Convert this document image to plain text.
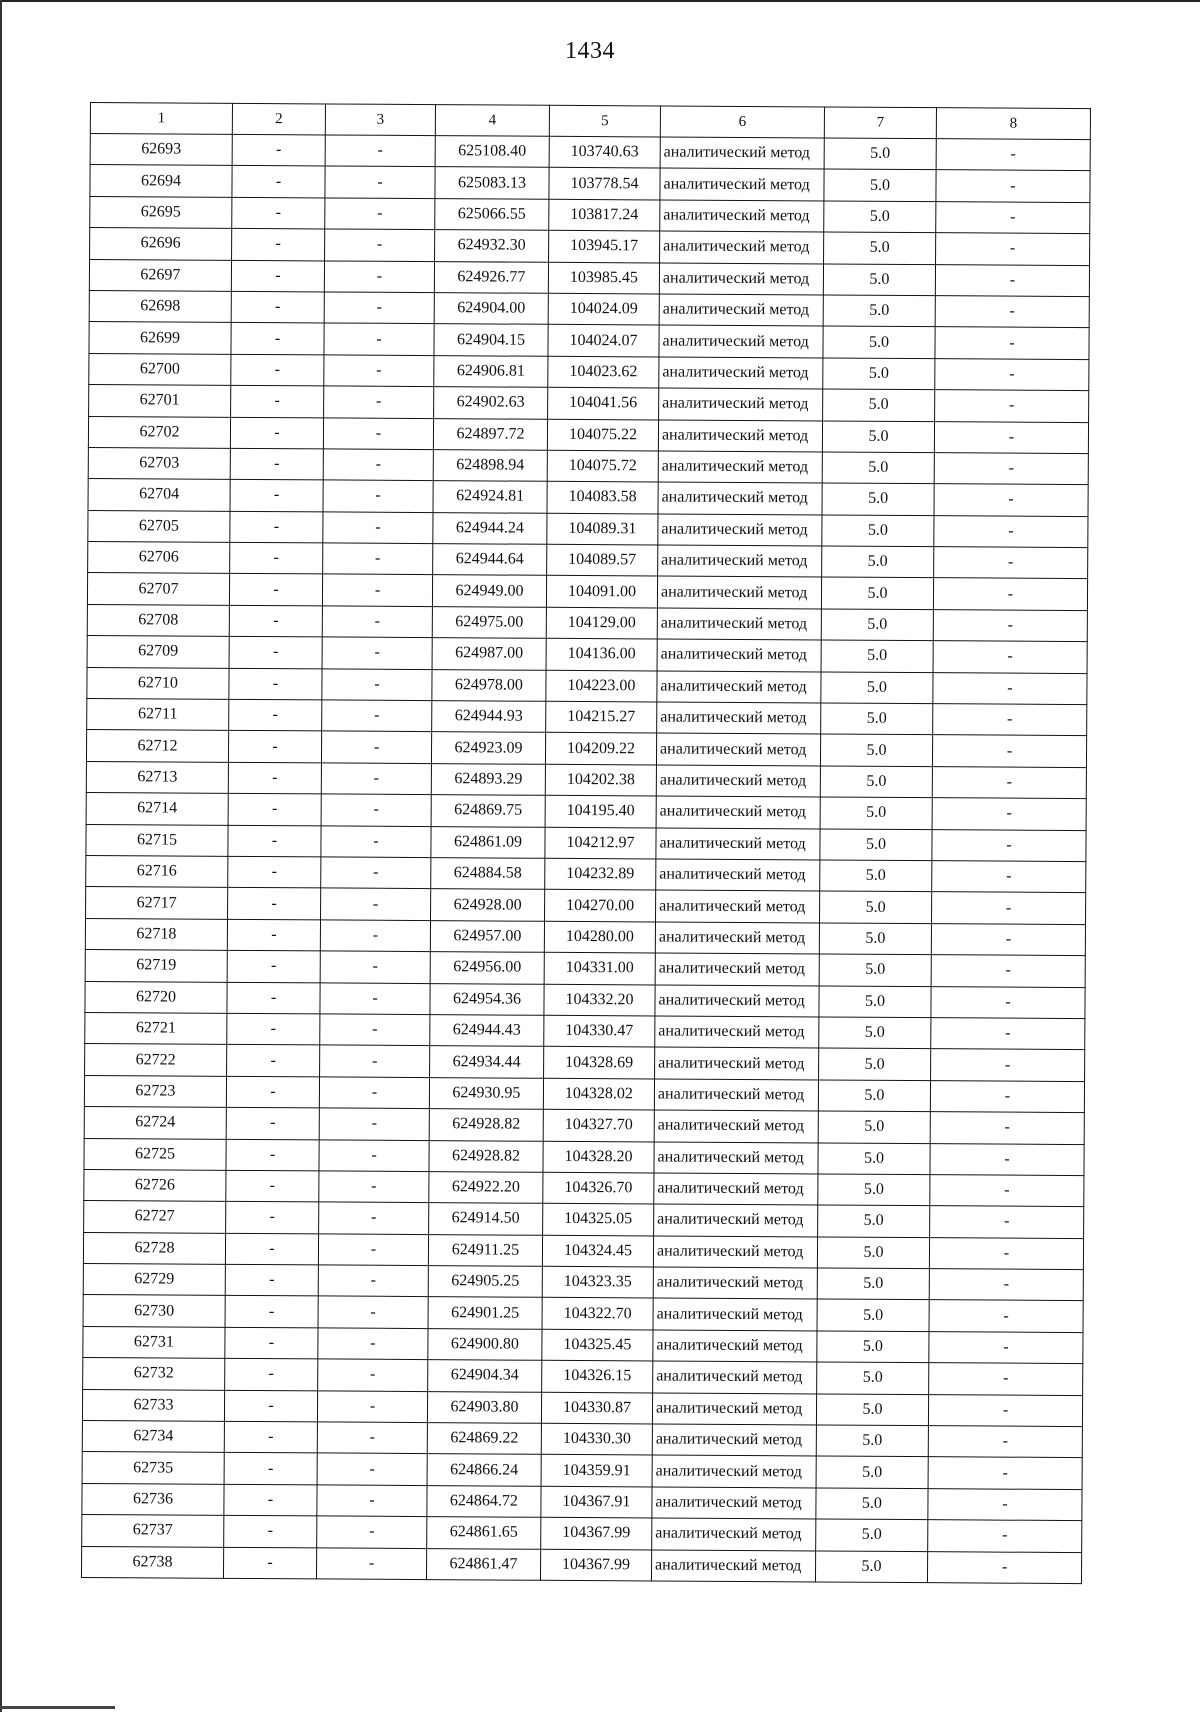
1434
1	2	3	4	5	6	7	8
62693	-	-	625108.40	103740.63	аналитический метод	5.0	-
62694	-	-	625083.13	103778.54	аналитический метод	5.0	-
62695	-	-	625066.55	103817.24	аналитический метод	5.0	-
62696	-	-	624932.30	103945.17	аналитический метод	5.0	-
62697	-	-	624926.77	103985.45	аналитический метод	5.0	-
62698	-	-	624904.00	104024.09	аналитический метод	5.0	-
62699	-	-	624904.15	104024.07	аналитический метод	5.0	-
62700	-	-	624906.81	104023.62	аналитический метод	5.0	-
62701	-	-	624902.63	104041.56	аналитический метод	5.0	-
62702	-	-	624897.72	104075.22	аналитический метод	5.0	-
62703	-	-	624898.94	104075.72	аналитический метод	5.0	-
62704	-	-	624924.81	104083.58	аналитический метод	5.0	-
62705	-	-	624944.24	104089.31	аналитический метод	5.0	-
62706	-	-	624944.64	104089.57	аналитический метод	5.0	-
62707	-	-	624949.00	104091.00	аналитический метод	5.0	-
62708	-	-	624975.00	104129.00	аналитический метод	5.0	-
62709	-	-	624987.00	104136.00	аналитический метод	5.0	-
62710	-	-	624978.00	104223.00	аналитический метод	5.0	-
62711	-	-	624944.93	104215.27	аналитический метод	5.0	-
62712	-	-	624923.09	104209.22	аналитический метод	5.0	-
62713	-	-	624893.29	104202.38	аналитический метод	5.0	-
62714	-	-	624869.75	104195.40	аналитический метод	5.0	-
62715	-	-	624861.09	104212.97	аналитический метод	5.0	-
62716	-	-	624884.58	104232.89	аналитический метод	5.0	-
62717	-	-	624928.00	104270.00	аналитический метод	5.0	-
62718	-	-	624957.00	104280.00	аналитический метод	5.0	-
62719	-	-	624956.00	104331.00	аналитический метод	5.0	-
62720	-	-	624954.36	104332.20	аналитический метод	5.0	-
62721	-	-	624944.43	104330.47	аналитический метод	5.0	-
62722	-	-	624934.44	104328.69	аналитический метод	5.0	-
62723	-	-	624930.95	104328.02	аналитический метод	5.0	-
62724	-	-	624928.82	104327.70	аналитический метод	5.0	-
62725	-	-	624928.82	104328.20	аналитический метод	5.0	-
62726	-	-	624922.20	104326.70	аналитический метод	5.0	-
62727	-	-	624914.50	104325.05	аналитический метод	5.0	-
62728	-	-	624911.25	104324.45	аналитический метод	5.0	-
62729	-	-	624905.25	104323.35	аналитический метод	5.0	-
62730	-	-	624901.25	104322.70	аналитический метод	5.0	-
62731	-	-	624900.80	104325.45	аналитический метод	5.0	-
62732	-	-	624904.34	104326.15	аналитический метод	5.0	-
62733	-	-	624903.80	104330.87	аналитический метод	5.0	-
62734	-	-	624869.22	104330.30	аналитический метод	5.0	-
62735	-	-	624866.24	104359.91	аналитический метод	5.0	-
62736	-	-	624864.72	104367.91	аналитический метод	5.0	-
62737	-	-	624861.65	104367.99	аналитический метод	5.0	-
62738	-	-	624861.47	104367.99	аналитический метод	5.0	-
